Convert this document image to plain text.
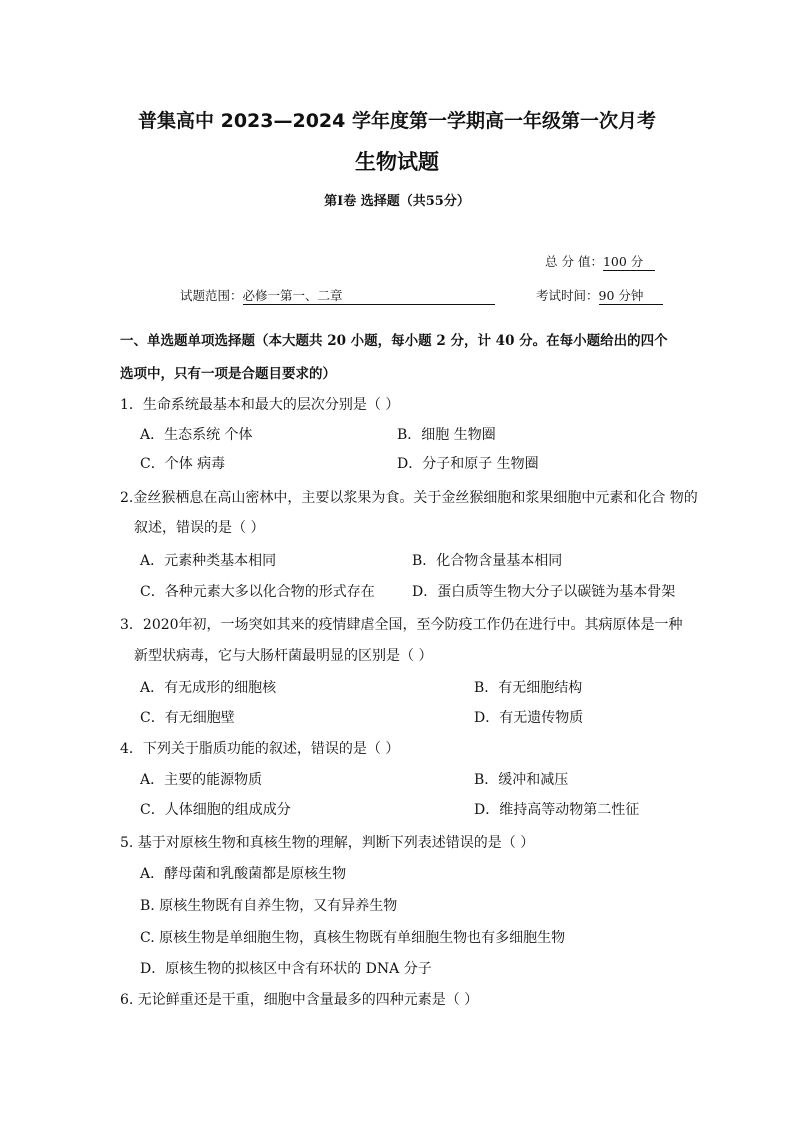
普集高中 2023—2024 学年度第一学期高一年级第一次月考
生物试题
第Ⅰ卷 选择题（共55分）
总 分 值：100 分
试题范围：必修一第一、二章	考试时间：90 分钟
一、单选题单项选择题（本大题共 20 小题，每小题 2 分，计 40 分。在每小题给出的四个
选项中，只有一项是合题目要求的）
1．生命系统最基本和最大的层次分别是（ ）
A．生态系统 个体	B．细胞 生物圈
C．个体 病毒	D．分子和原子 生物圈
2.金丝猴栖息在高山密林中，主要以浆果为食。关于金丝猴细胞和浆果细胞中元素和化合 物的
叙述，错误的是（ ）
A．元素种类基本相同	B．化合物含量基本相同
C．各种元素大多以化合物的形式存在	D．蛋白质等生物大分子以碳链为基本骨架
3．2020年初，一场突如其来的疫情肆虐全国，至今防疫工作仍在进行中。其病原体是一种
新型状病毒，它与大肠杆菌最明显的区别是（ ）
A．有无成形的细胞核	B．有无细胞结构
C．有无细胞壁	D．有无遗传物质
4．下列关于脂质功能的叙述，错误的是（ ）
A．主要的能源物质	B．缓冲和减压
C．人体细胞的组成成分	D．维持高等动物第二性征
5. 基于对原核生物和真核生物的理解，判断下列表述错误的是（ ）
A．酵母菌和乳酸菌都是原核生物
B. 原核生物既有自养生物，又有异养生物
C. 原核生物是单细胞生物，真核生物既有单细胞生物也有多细胞生物
D．原核生物的拟核区中含有环状的 DNA 分子
6. 无论鲜重还是干重，细胞中含量最多的四种元素是（ ）
